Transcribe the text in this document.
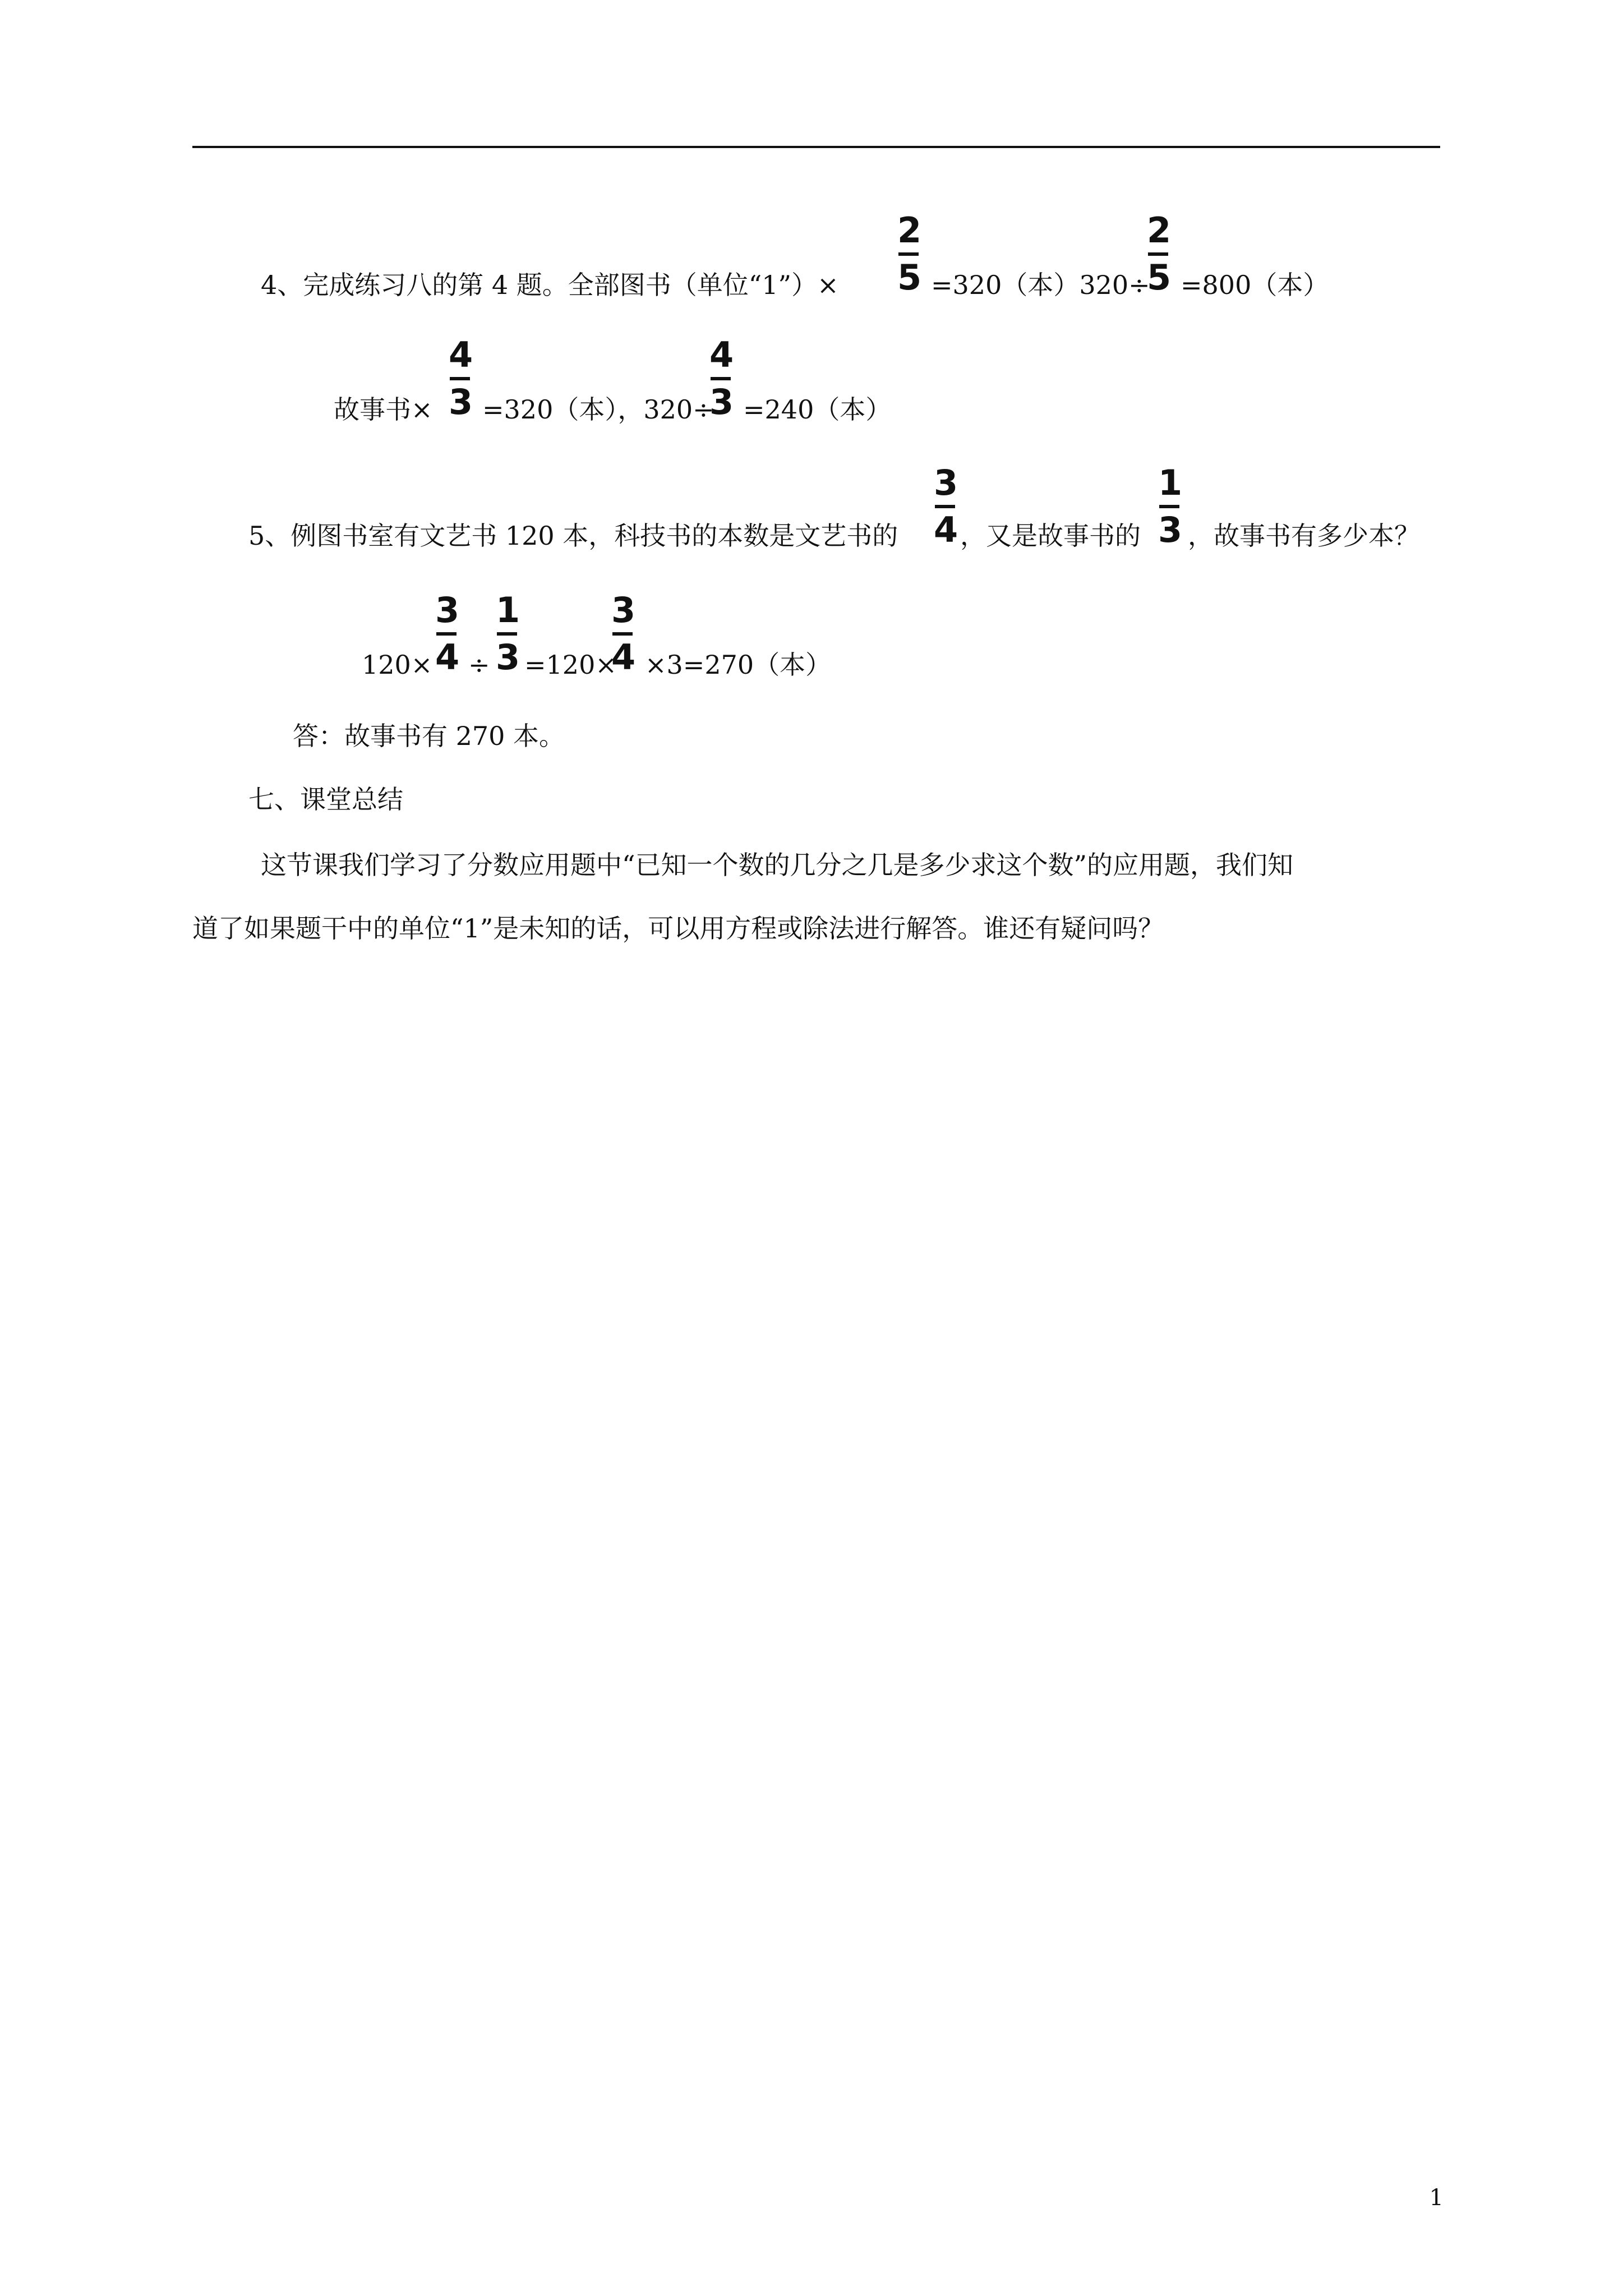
4、完成练习八的第 4 题。全部图书（单位“1”）×
2
5 =320（本）320÷
2
5 =800（本）
故事书×
4
3 =320（本），320÷
4
3 =240（本）
5、例图书室有文艺书 120 本，科技书的本数是文艺书的
3
4 ，又是故事书的
1
3 ，故事书有多少本？
120×
3
4 ÷
1
3 =120×
3
4 ×3=270（本）
答：故事书有 270 本。
七、课堂总结
这节课我们学习了分数应用题中“已知一个数的几分之几是多少求这个数”的应用题，我们知
道了如果题干中的单位“1”是未知的话，可以用方程或除法进行解答。谁还有疑问吗？
1
